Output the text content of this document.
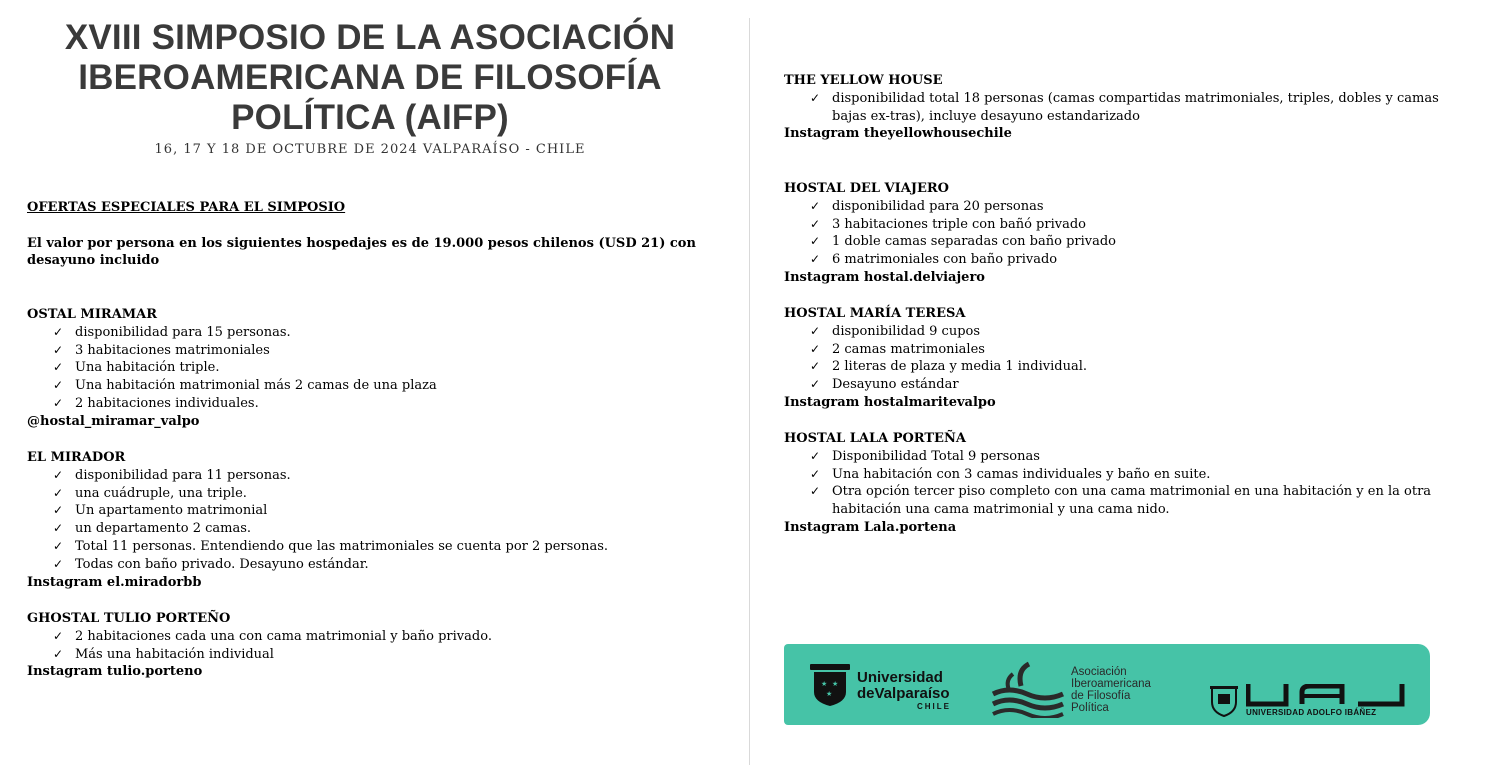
XVIII SIMPOSIO DE LA ASOCIACIÓN
IBEROAMERICANA DE FILOSOFÍA
POLÍTICA (AIFP)
16, 17 Y 18 DE OCTUBRE DE 2024 VALPARAÍSO - CHILE
OFERTAS ESPECIALES PARA EL SIMPOSIO
El valor por persona en los siguientes hospedajes es de 19.000 pesos chilenos (USD 21) con desayuno incluido
OSTAL MIRAMAR
✓ disponibilidad para 15 personas.
✓ 3 habitaciones matrimoniales
✓ Una habitación triple.
✓ Una habitación matrimonial más 2 camas de una plaza
✓ 2 habitaciones individuales.
@hostal_miramar_valpo
EL MIRADOR
✓ disponibilidad para 11 personas.
✓ una cuádruple, una triple.
✓ Un apartamento matrimonial
✓ un departamento 2 camas.
✓ Total 11 personas. Entendiendo que las matrimoniales se cuenta por 2 personas.
✓ Todas con baño privado. Desayuno estándar.
Instagram el.miradorbb
GHOSTAL TULIO PORTEÑO
✓ 2 habitaciones cada una con cama matrimonial y baño privado.
✓ Más una habitación individual
Instagram tulio.porteno
THE YELLOW HOUSE
✓ disponibilidad total 18 personas (camas compartidas matrimoniales, triples, dobles y camas bajas ex-tras), incluye desayuno estandarizado
Instagram theyellowhousechile
HOSTAL DEL VIAJERO
✓ disponibilidad para 20 personas
✓ 3 habitaciones triple con bañó privado
✓ 1 doble camas separadas con baño privado
✓ 6 matrimoniales con baño privado
Instagram hostal.delviajero
HOSTAL MARÍA TERESA
✓ disponibilidad 9 cupos
✓ 2 camas matrimoniales
✓ 2 literas de plaza y media 1 individual.
✓ Desayuno estándar
Instagram hostalmaritevalpo
HOSTAL LALA PORTEÑA
✓ Disponibilidad Total 9 personas
✓ Una habitación con 3 camas individuales y baño en suite.
✓ Otra opción tercer piso completo con una cama matrimonial en una habitación y en la otra habitación una cama matrimonial y una cama nido.
Instagram Lala.portena
★ ★
★
Universidad
deValparaíso
CHILE
Asociación
Iberoamericana
de Filosofía
Política	UNIVERSIDAD ADOLFO IBÁÑEZ
